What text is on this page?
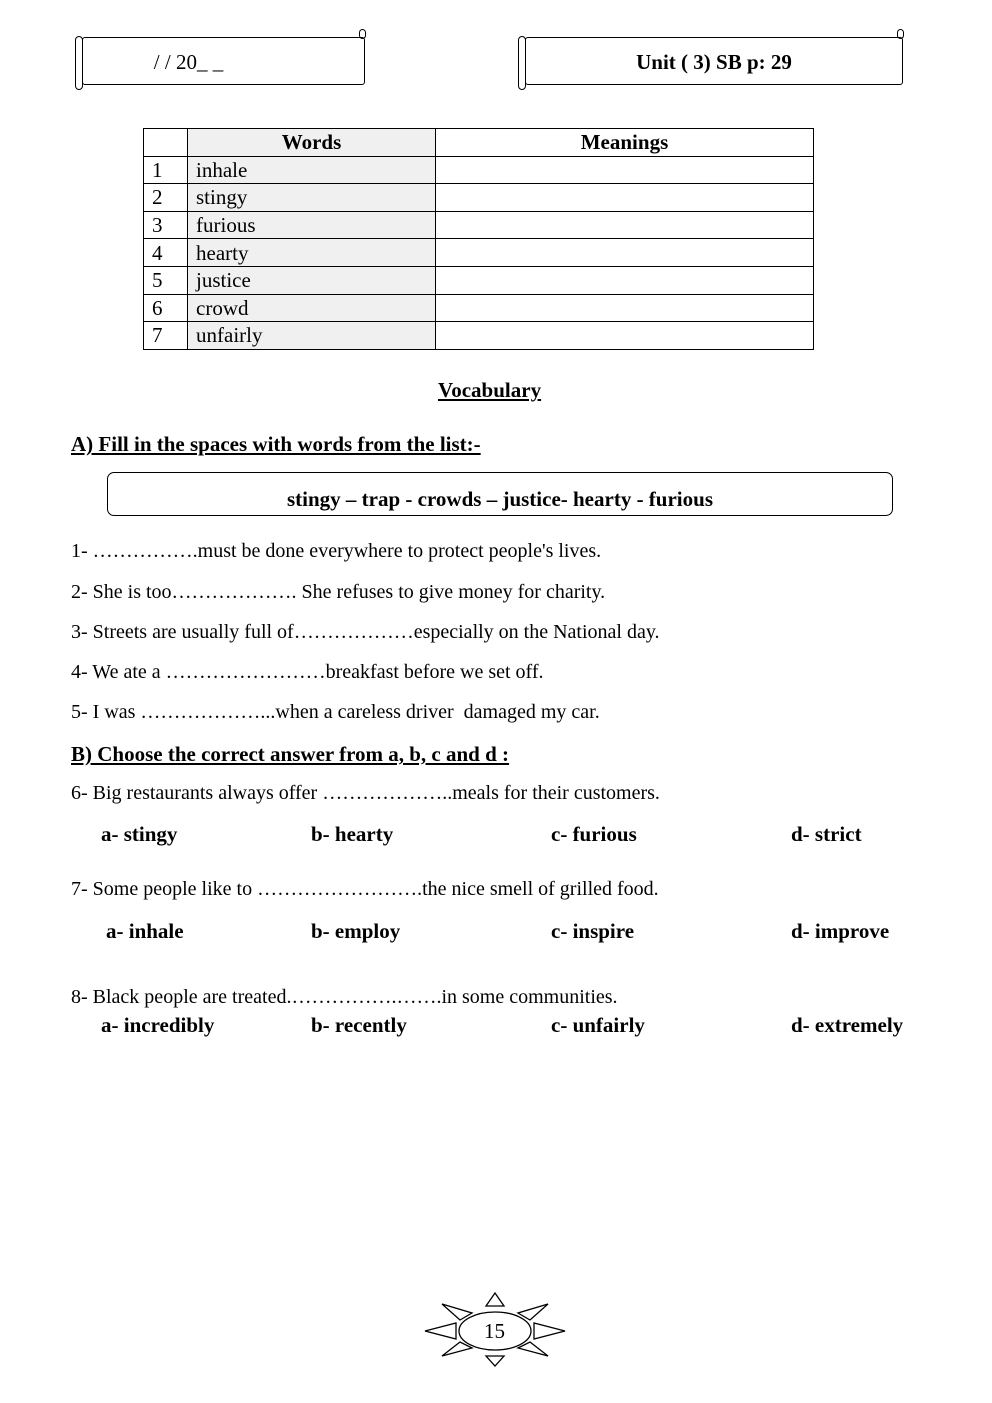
/ / 20_ _	Unit ( 3) SB p: 29
	Words	Meanings
1	inhale	
2	stingy	
3	furious	
4	hearty	
5	justice	
6	crowd	
7	unfairly	
Vocabulary
A) Fill in the spaces with words from the list:-
stingy – trap - crowds – justice- hearty - furious
1- …………….must be done everywhere to protect people's lives.
2- She is too………………. She refuses to give money for charity.
3- Streets are usually full of………………especially on the National day.
4- We ate a ……………………breakfast before we set off.
5- I was ………………...when a careless driver  damaged my car.
B) Choose the correct answer from a, b, c and d :
6- Big restaurants always offer ………………..meals for their customers.
a- stingy	b- hearty	c- furious	d- strict
7- Some people like to …………………….the nice smell of grilled food.
a- inhale	b- employ	c- inspire	d- improve
8- Black people are treated.…………….…….in some communities.
a- incredibly	b- recently	c- unfairly	d- extremely
15
